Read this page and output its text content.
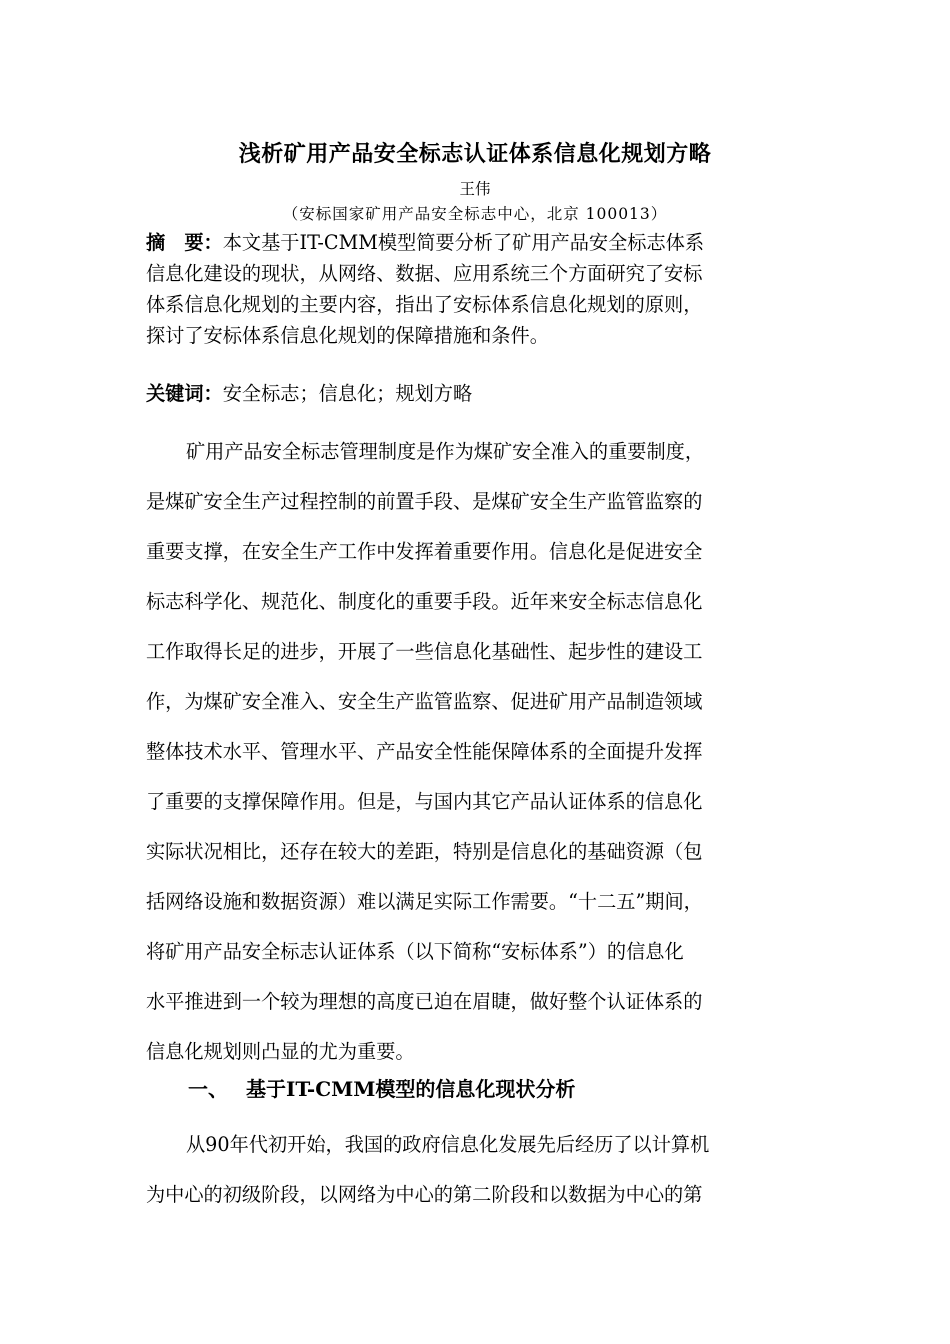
浅析矿用产品安全标志认证体系信息化规划方略
王伟
（安标国家矿用产品安全标志中心，北京 100013）
摘　要：本文基于IT-CMM模型简要分析了矿用产品安全标志体系
信息化建设的现状，从网络、数据、应用系统三个方面研究了安标
体系信息化规划的主要内容，指出了安标体系信息化规划的原则，
探讨了安标体系信息化规划的保障措施和条件。
关键词：安全标志；信息化；规划方略
矿用产品安全标志管理制度是作为煤矿安全准入的重要制度，
是煤矿安全生产过程控制的前置手段、是煤矿安全生产监管监察的
重要支撑，在安全生产工作中发挥着重要作用。信息化是促进安全
标志科学化、规范化、制度化的重要手段。近年来安全标志信息化
工作取得长足的进步，开展了一些信息化基础性、起步性的建设工
作，为煤矿安全准入、安全生产监管监察、促进矿用产品制造领域
整体技术水平、管理水平、产品安全性能保障体系的全面提升发挥
了重要的支撑保障作用。但是，与国内其它产品认证体系的信息化
实际状况相比，还存在较大的差距，特别是信息化的基础资源（包
括网络设施和数据资源）难以满足实际工作需要。“十二五”期间，
将矿用产品安全标志认证体系（以下简称“安标体系”）的信息化
水平推进到一个较为理想的高度已迫在眉睫，做好整个认证体系的
信息化规划则凸显的尤为重要。
一、 基于IT-CMM模型的信息化现状分析
从90年代初开始，我国的政府信息化发展先后经历了以计算机
为中心的初级阶段，以网络为中心的第二阶段和以数据为中心的第
